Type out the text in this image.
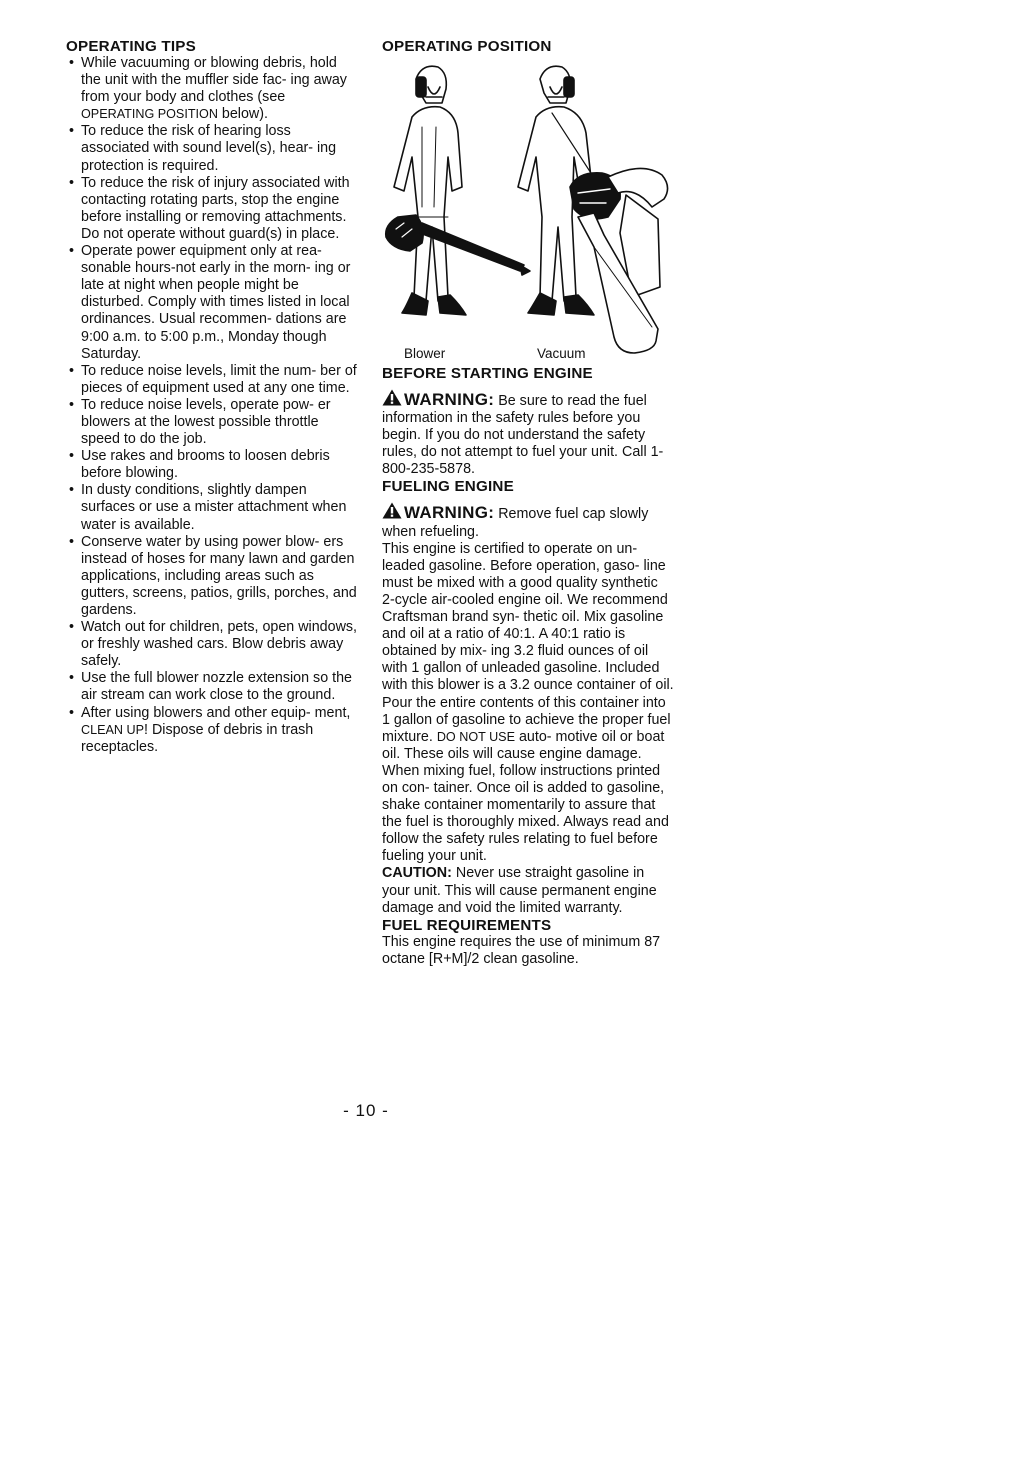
OPERATING TIPS
• While vacuuming or blowing debris, hold the unit with the muffler side fac- ing away from your body and clothes (see OPERATING POSITION below).
• To reduce the risk of hearing loss associated with sound level(s), hear- ing protection is required.
• To reduce the risk of injury associated with contacting rotating parts, stop the engine before installing or removing attachments. Do not operate without guard(s) in place.
• Operate power equipment only at rea- sonable hours-not early in the morn- ing or late at night when people might be disturbed. Comply with times listed in local ordinances. Usual recommen- dations are 9:00 a.m. to 5:00 p.m., Monday though Saturday.
• To reduce noise levels, limit the num- ber of pieces of equipment used at any one time.
• To reduce noise levels, operate pow- er blowers at the lowest possible throttle speed to do the job.
• Use rakes and brooms to loosen debris before blowing.
• In dusty conditions, slightly dampen surfaces or use a mister attachment when water is available.
• Conserve water by using power blow- ers instead of hoses for many lawn and garden applications, including areas such as gutters, screens, patios, grills, porches, and gardens.
• Watch out for children, pets, open windows, or freshly washed cars. Blow debris away safely.
• Use the full blower nozzle extension so the air stream can work close to the ground.
• After using blowers and other equip- ment, CLEAN UP! Dispose of debris in trash receptacles.
OPERATING POSITION
Blower	Vacuum
BEFORE STARTING ENGINE
WARNING: Be sure to read the fuel information in the safety rules before you begin. If you do not understand the safety rules, do not attempt to fuel your unit. Call 1-800-235-5878.
FUELING ENGINE
WARNING: Remove fuel cap slowly when refueling.

This engine is certified to operate on un- leaded gasoline. Before operation, gaso- line must be mixed with a good quality synthetic 2-cycle air-cooled engine oil. We recommend Craftsman brand syn- thetic oil. Mix gasoline and oil at a ratio of 40:1. A 40:1 ratio is obtained by mix- ing 3.2 fluid ounces of oil with 1 gallon of unleaded gasoline. Included with this blower is a 3.2 ounce container of oil. Pour the entire contents of this container into 1 gallon of gasoline to achieve the proper fuel mixture. DO NOT USE auto- motive oil or boat oil. These oils will cause engine damage. When mixing fuel, follow instructions printed on con- tainer. Once oil is added to gasoline, shake container momentarily to assure that the fuel is thoroughly mixed. Always read and follow the safety rules relating to fuel before fueling your unit.

CAUTION: Never use straight gasoline in your unit. This will cause permanent engine damage and void the limited warranty.

FUEL REQUIREMENTS

This engine requires the use of minimum 87 octane [R+M]/2 clean gasoline.

- 10 -
